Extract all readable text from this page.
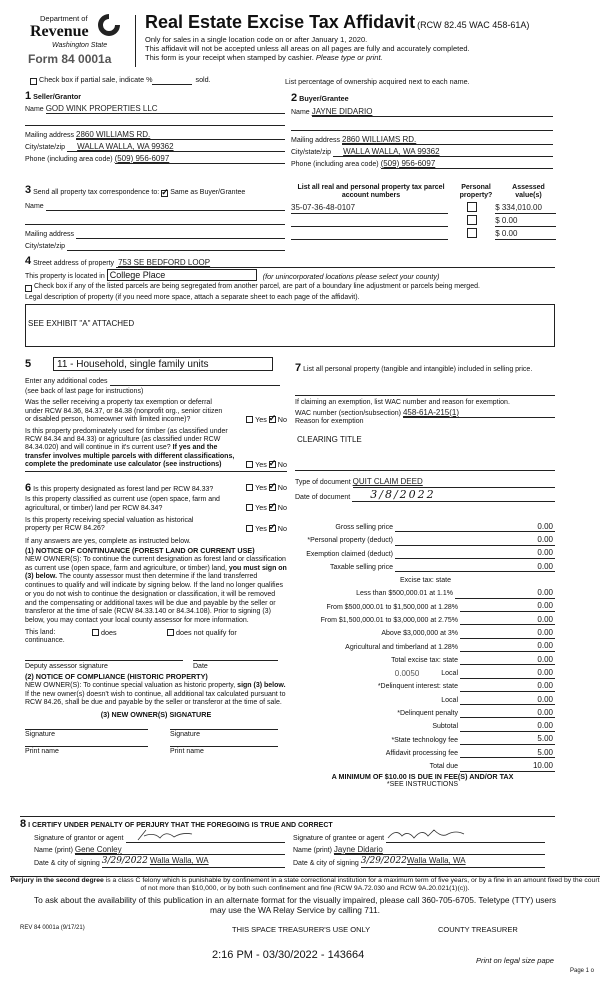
Department of
Revenue
Washington State
Form 84 0001a
Real Estate Excise Tax Affidavit (RCW 82.45 WAC 458-61A)
Only for sales in a single location code on or after January 1, 2020.
This affidavit will not be accepted unless all areas on all pages are fully and accurately completed.
This form is your receipt when stamped by cashier. Please type or print.
Check box if partial sale, indicate %	sold.	List percentage of ownership acquired next to each name.
1 Seller/Grantor
Name GOD WINK PROPERTIES LLC
Mailing address 2860 WILLIAMS RD.
City/state/zip	WALLA WALLA, WA 99362
Phone (including area code) (509) 956-6097
2 Buyer/Grantee
Name JAYNE DIDARIO
Mailing address 2860 WILLIAMS RD.
City/state/zip	WALLA WALLA, WA 99362
Phone (including area code) (509) 956-6097
3 Send all property tax correspondence to: ✓ Same as Buyer/Grantee
Name
Mailing address
City/state/zip
List all real and personal property tax parcel account numbers
Personal property?
Assessed value(s)
35-07-36-48-0107	$ 334,010.00
$ 0.00
$ 0.00
4 Street address of property 753 SE BEDFORD LOOP
This property is located in College Place	(for unincorporated locations please select your county)
Check box if any of the listed parcels are being segregated from another parcel, are part of a boundary line adjustment or parcels being merged.
Legal description of property (if you need more space, attach a separate sheet to each page of the affidavit).
SEE EXHIBIT "A" ATTACHED
5	11 - Household, single family units
Enter any additional codes
(see back of last page for instructions)
Was the seller receiving a property tax exemption or deferral under RCW 84.36, 84.37, or 84.38 (nonprofit org., senior citizen or disabled person, homeowner with limited income)?	Yes ✓ No
Is this property predominately used for timber (as classified under RCW 84.34 and 84.33) or agriculture (as classified under RCW 84.34.020) and will continue in it's current use? If yes and the transfer involves multiple parcels with different classifications, complete the predominate use calculator (see instructions)	Yes ✓ No
6 Is this property designated as forest land per RCW 84.33?	Yes ✓ No
Is this property classified as current use (open space, farm and agricultural, or timber) land per RCW 84.34?	Yes ✓ No
Is this property receiving special valuation as historical property per RCW 84.26?	Yes ✓ No
If any answers are yes, complete as instructed below.
(1) NOTICE OF CONTINUANCE (FOREST LAND OR CURRENT USE)
NEW OWNER(S): To continue the current designation as forest land or classification as current use (open space, farm and agriculture, or timber) land, you must sign on (3) below. The county assessor must then determine if the land transferred continues to qualify and will indicate by signing below. If the land no longer qualifies or you do not wish to continue the designation or classification, it will be removed and the compensating or additional taxes will be due and payable by the seller or transferor at the time of sale (RCW 84.33.140 or 84.34.108). Prior to signing (3) below, you may contact your local county assessor for more information.
This land:	does	does not qualify for
continuance.
Deputy assessor signature	Date
(2) NOTICE OF COMPLIANCE (HISTORIC PROPERTY)
NEW OWNER(S): To continue special valuation as historic property, sign (3) below. If the new owner(s) doesn't wish to continue, all additional tax calculated pursuant to RCW 84.26, shall be due and payable by the seller or transferor at the time of sale.
(3) NEW OWNER(S) SIGNATURE
Signature	Signature
Print name	Print name
7 List all personal property (tangible and intangible) included in selling price.
If claiming an exemption, list WAC number and reason for exemption.
WAC number (section/subsection) 458-61A-215(1)
Reason for exemption
CLEARING TITLE
Type of document QUIT CLAIM DEED
Date of document	3/8/2022
Gross selling price	0.00
*Personal property (deduct)	0.00
Exemption claimed (deduct)	0.00
Taxable selling price	0.00
Excise tax: state
Less than $500,000.01 at 1.1%	0.00
From $500,000.01 to $1,500,000 at 1.28%	0.00
From $1,500,000.01 to $3,000,000 at 2.75%	0.00
Above $3,000,000 at 3%	0.00
Agricultural and timberland at 1.28%	0.00
Total excise tax: state	0.00
0.0050	Local	0.00
*Delinquent interest: state	0.00
Local	0.00
*Delinquent penalty	0.00
Subtotal	0.00
*State technology fee	5.00
Affidavit processing fee	5.00
Total due	10.00
A MINIMUM OF $10.00 IS DUE IN FEE(S) AND/OR TAX
*SEE INSTRUCTIONS
8 I CERTIFY UNDER PENALTY OF PERJURY THAT THE FOREGOING IS TRUE AND CORRECT
Signature of grantor or agent
Name (print) Gene Conley
Date & city of signing 3/29/2022 Walla Walla, WA
Signature of grantee or agent
Name (print) Jayne Didario
Date & city of signing 3/29/2022Walla Walla, WA
Perjury in the second degree is a class C felony which is punishable by confinement in a state correctional institution for a maximum term of five years, or by a fine in an amount fixed by the court of not more than $10,000, or by both such confinement and fine (RCW 9A.72.030 and RCW 9A.20.021(1)(c)).
To ask about the availability of this publication in an alternate format for the visually impaired, please call 360-705-6705. Teletype (TTY) users may use the WA Relay Service by calling 711.
REV 84 0001a (9/17/21)	THIS SPACE TREASURER'S USE ONLY	COUNTY TREASURER
2:16 PM - 03/30/2022 - 143664	Print on legal size pape
Page 1 o
